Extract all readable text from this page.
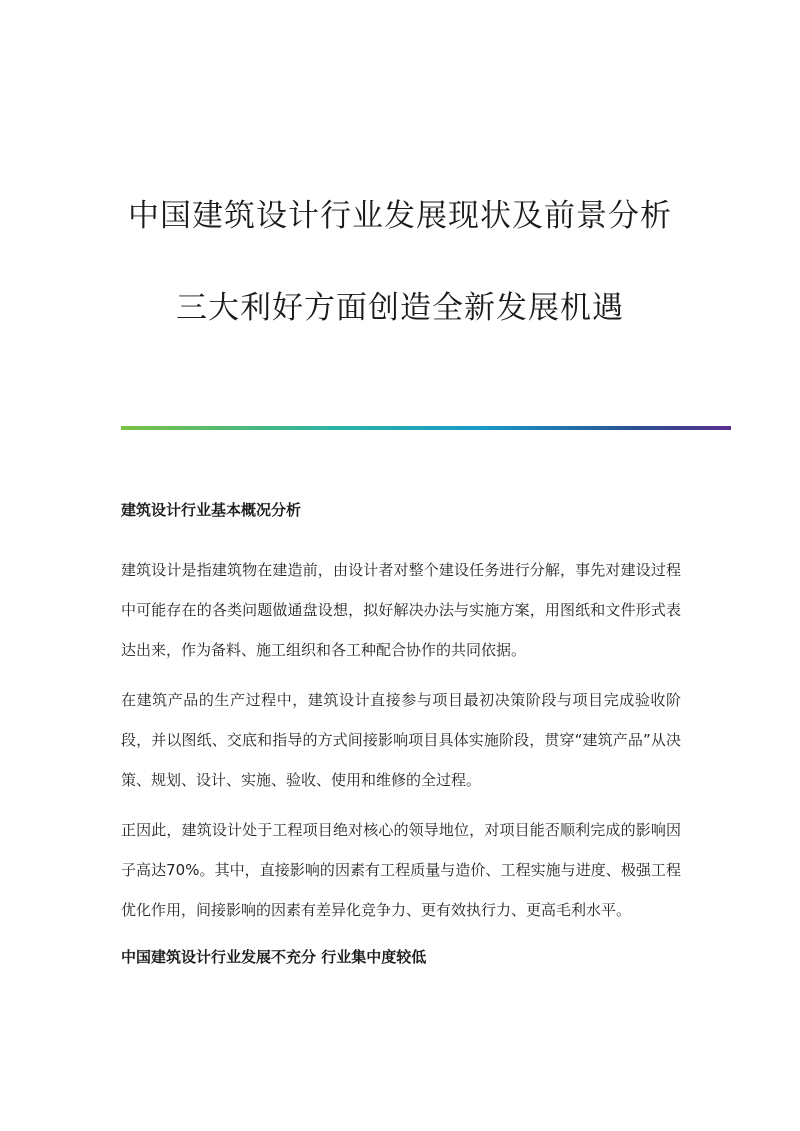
中国建筑设计行业发展现状及前景分析
三大利好方面创造全新发展机遇
建筑设计行业基本概况分析

建筑设计是指建筑物在建造前，由设计者对整个建设任务进行分解，事先对建设过程中可能存在的各类问题做通盘设想，拟好解决办法与实施方案，用图纸和文件形式表达出来，作为备料、施工组织和各工种配合协作的共同依据。

在建筑产品的生产过程中，建筑设计直接参与项目最初决策阶段与项目完成验收阶段，并以图纸、交底和指导的方式间接影响项目具体实施阶段，贯穿“建筑产品”从决策、规划、设计、实施、验收、使用和维修的全过程。

正因此，建筑设计处于工程项目绝对核心的领导地位，对项目能否顺利完成的影响因子高达70%。其中，直接影响的因素有工程质量与造价、工程实施与进度、极强工程优化作用，间接影响的因素有差异化竞争力、更有效执行力、更高毛利水平。

中国建筑设计行业发展不充分 行业集中度较低
